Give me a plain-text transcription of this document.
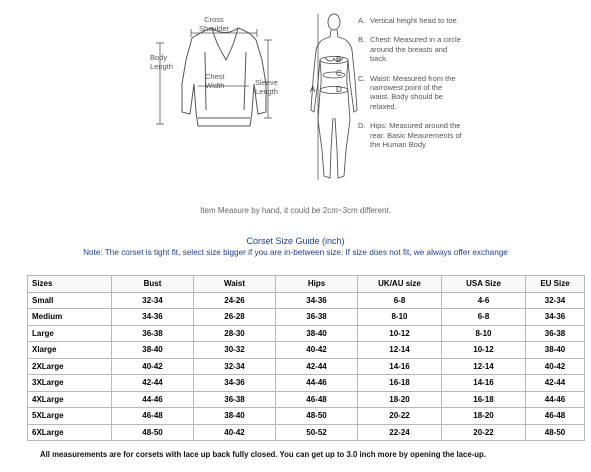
Cross
Shoulder
Body
Length
Chest
Width	Sleeve
Length	A
B
C
D
A. Vertical height head to toe.
B. Chest: Measured in a circle around the breasts and back.
C. Waist: Measured from the narrowest point of the waist. Body should be relaxed.
D. Hips: Measured around the rear. Basic Meaurements of the Human Body
Item Measure by hand, it could be 2cm~3cm different.
Corset Size Guide (inch)
Note: The corset is tight fit, select size bigger if you are in-between size. If size does not fit, we always offer exchange
Sizes	Bust	Waist	Hips	UK/AU size	USA Size	EU Size
Small	32-34	24-26	34-36	6-8	4-6	32-34
Medium	34-36	26-28	36-38	8-10	6-8	34-36
Large	36-38	28-30	38-40	10-12	8-10	36-38
Xlarge	38-40	30-32	40-42	12-14	10-12	38-40
2XLarge	40-42	32-34	42-44	14-16	12-14	40-42
3XLarge	42-44	34-36	44-46	16-18	14-16	42-44
4XLarge	44-46	36-38	46-48	18-20	16-18	44-46
5XLarge	46-48	38-40	48-50	20-22	18-20	46-48
6XLarge	48-50	40-42	50-52	22-24	20-22	48-50
All measurements are for corsets with lace up back fully closed. You can get up to 3.0 inch more by opening the lace-up.
